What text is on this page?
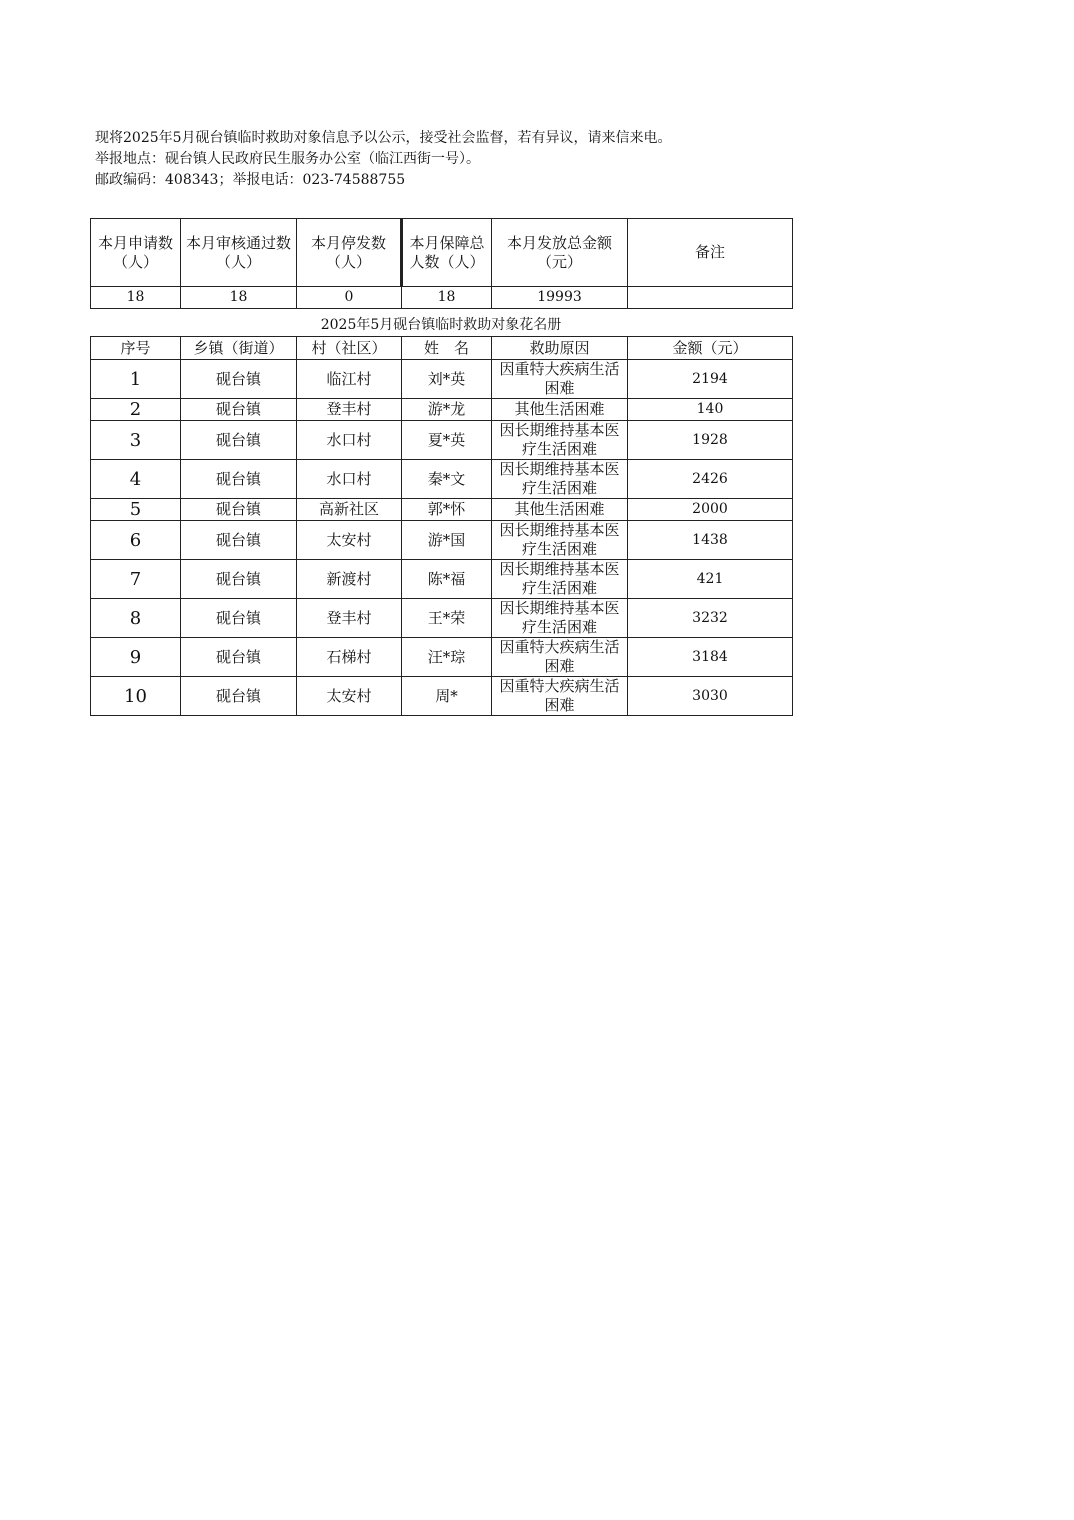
现将2025年5月砚台镇临时救助对象信息予以公示，接受社会监督，若有异议，请来信来电。
举报地点：砚台镇人民政府民生服务办公室（临江西街一号）。
邮政编码：408343；举报电话：023-74588755
本月申请数（人）	本月审核通过数（人）	本月停发数（人）	本月保障总人数（人）	本月发放总金额（元）	备注
18	18	0	18	19993	
2025年5月砚台镇临时救助对象花名册
序号	乡镇（街道）	村（社区）	姓　名	救助原因	金额（元）
1	砚台镇	临江村	刘*英	因重特大疾病生活困难	2194
2	砚台镇	登丰村	游*龙	其他生活困难	140
3	砚台镇	水口村	夏*英	因长期维持基本医疗生活困难	1928
4	砚台镇	水口村	秦*文	因长期维持基本医疗生活困难	2426
5	砚台镇	高新社区	郭*怀	其他生活困难	2000
6	砚台镇	太安村	游*国	因长期维持基本医疗生活困难	1438
7	砚台镇	新渡村	陈*福	因长期维持基本医疗生活困难	421
8	砚台镇	登丰村	王*荣	因长期维持基本医疗生活困难	3232
9	砚台镇	石梯村	汪*琮	因重特大疾病生活困难	3184
10	砚台镇	太安村	周*	因重特大疾病生活困难	3030
